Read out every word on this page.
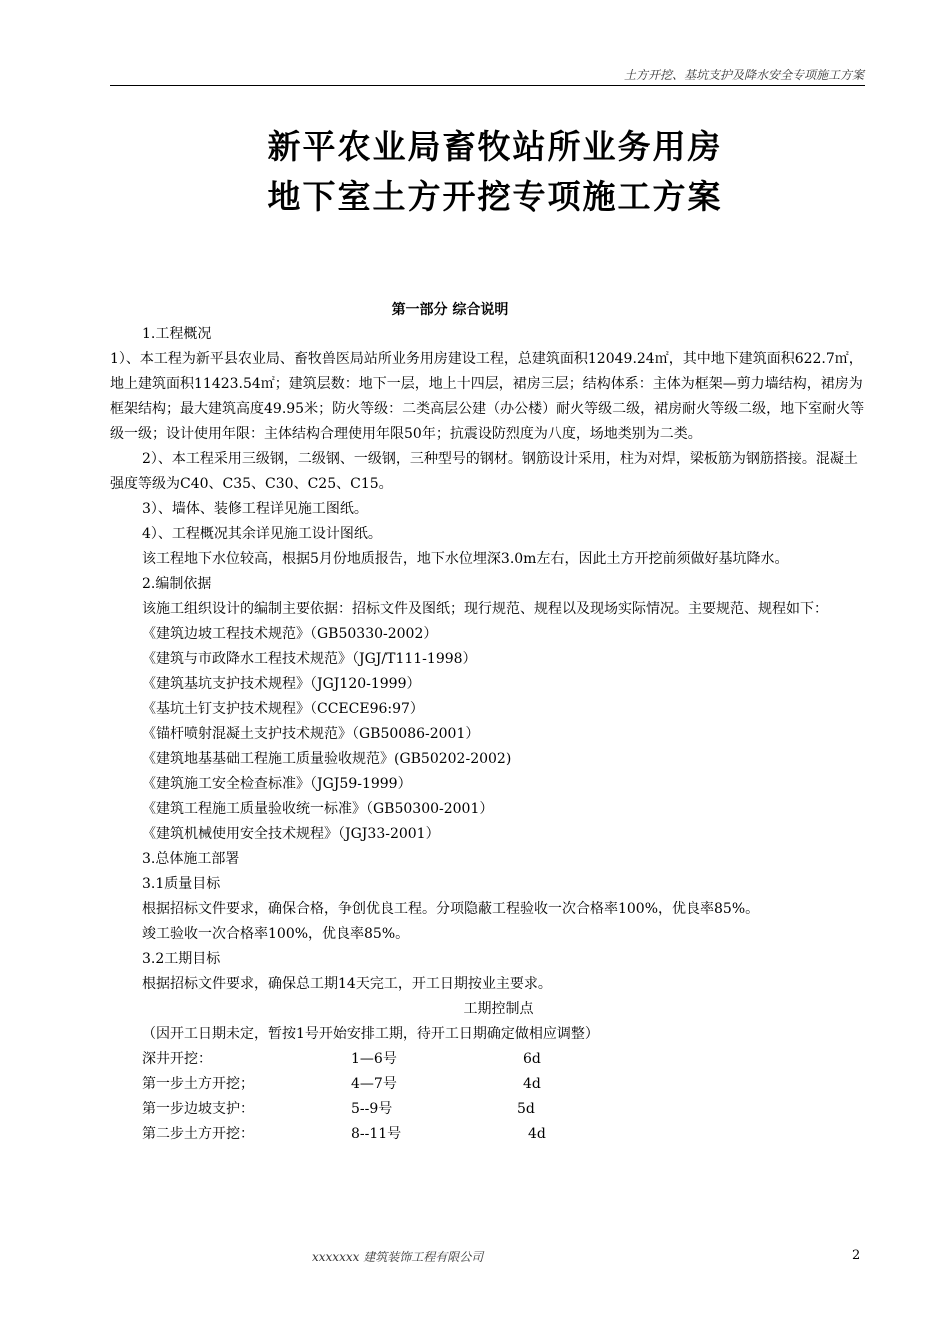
土方开挖、基坑支护及降水安全专项施工方案
新平农业局畜牧站所业务用房
地下室土方开挖专项施工方案
第一部分 综合说明

1.工程概况

1）、本工程为新平县农业局、畜牧兽医局站所业务用房建设工程，总建筑面积12049.24㎡，其中地下建筑面积622.7㎡，地上建筑面积11423.54㎡；建筑层数：地下一层，地上十四层，裙房三层；结构体系：主体为框架—剪力墙结构，裙房为框架结构；最大建筑高度49.95米；防火等级：二类高层公建（办公楼）耐火等级二级，裙房耐火等级二级，地下室耐火等级一级；设计使用年限：主体结构合理使用年限50年；抗震设防烈度为八度，场地类别为二类。

2）、本工程采用三级钢，二级钢、一级钢，三种型号的钢材。钢筋设计采用，柱为对焊，梁板筋为钢筋搭接。混凝土强度等级为C40、C35、C30、C25、C15。

3）、墙体、装修工程详见施工图纸。

4）、工程概况其余详见施工设计图纸。

该工程地下水位较高，根据5月份地质报告，地下水位埋深3.0m左右，因此土方开挖前须做好基坑降水。

2.编制依据

该施工组织设计的编制主要依据：招标文件及图纸；现行规范、规程以及现场实际情况。主要规范、规程如下：

《建筑边坡工程技术规范》（GB50330-2002）

《建筑与市政降水工程技术规范》（JGJ/T111-1998）

《建筑基坑支护技术规程》（JGJ120-1999）

《基坑土钉支护技术规程》（CCECE96:97）

《锚杆喷射混凝土支护技术规范》（GB50086-2001）

《建筑地基基础工程施工质量验收规范》(GB50202-2002)

《建筑施工安全检查标准》（JGJ59-1999）

《建筑工程施工质量验收统一标准》（GB50300-2001）

《建筑机械使用安全技术规程》（JGJ33-2001）

3.总体施工部署

3.1质量目标

根据招标文件要求，确保合格，争创优良工程。分项隐蔽工程验收一次合格率100%，优良率85%。

竣工验收一次合格率100%，优良率85%。

3.2工期目标

根据招标文件要求，确保总工期14天完工，开工日期按业主要求。

工期控制点

（因开工日期未定，暂按1号开始安排工期，待开工日期确定做相应调整）

深井开挖：	1—6号	6d
第一步土方开挖；	4—7号	4d
第一步边坡支护：	5--9号	5d
第二步土方开挖：	8--11号	4d
xxxxxxx 建筑装饰工程有限公司	2
